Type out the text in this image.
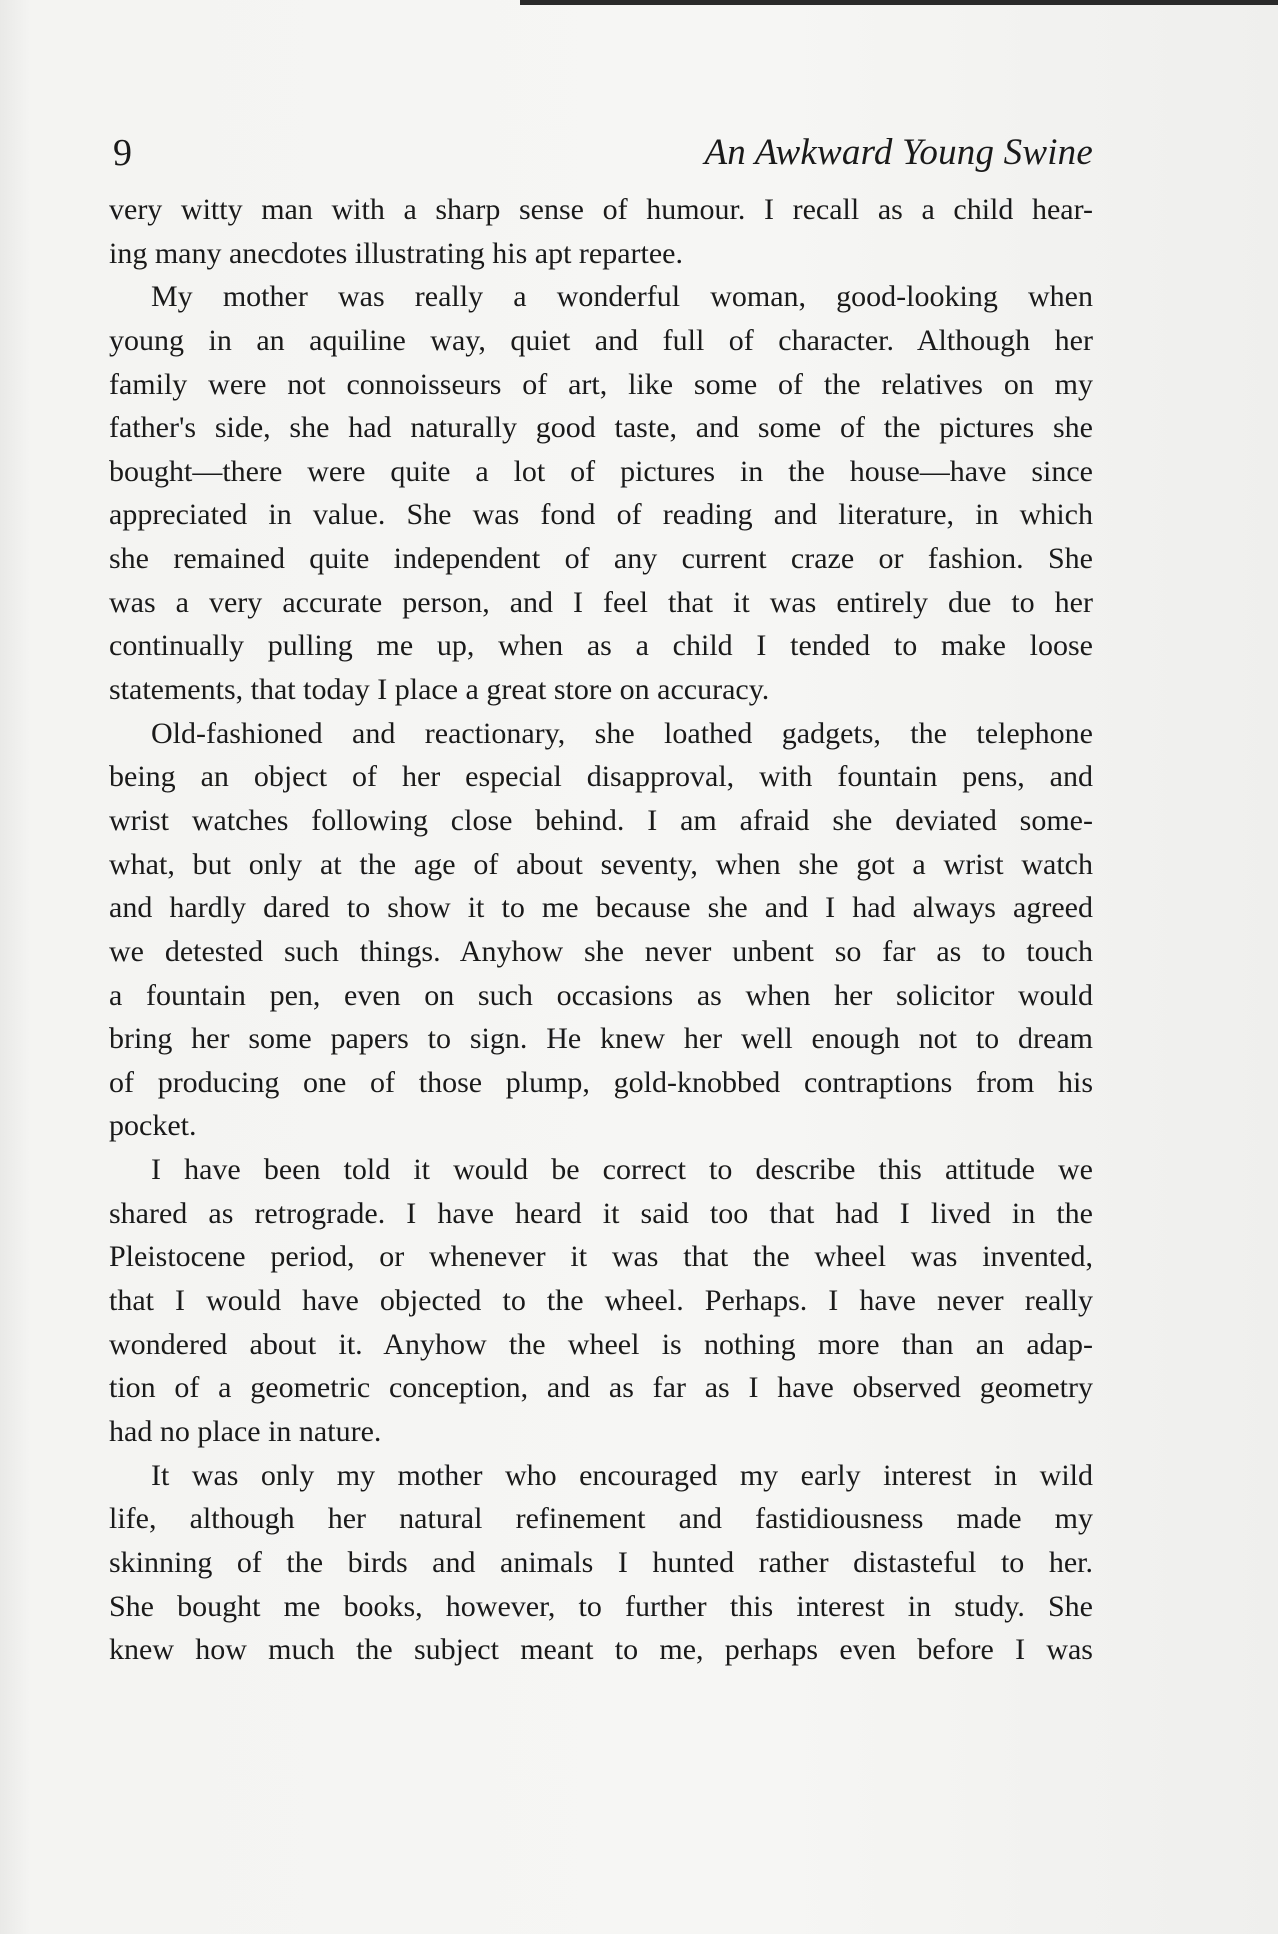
9	An Awkward Young Swine
very witty man with a sharp sense of humour. I recall as a child hear-
ing many anecdotes illustrating his apt repartee.
My mother was really a wonderful woman, good-looking when
young in an aquiline way, quiet and full of character. Although her
family were not connoisseurs of art, like some of the relatives on my
father's side, she had naturally good taste, and some of the pictures she
bought—there were quite a lot of pictures in the house—have since
appreciated in value. She was fond of reading and literature, in which
she remained quite independent of any current craze or fashion. She
was a very accurate person, and I feel that it was entirely due to her
continually pulling me up, when as a child I tended to make loose
statements, that today I place a great store on accuracy.
Old-fashioned and reactionary, she loathed gadgets, the telephone
being an object of her especial disapproval, with fountain pens, and
wrist watches following close behind. I am afraid she deviated some-
what, but only at the age of about seventy, when she got a wrist watch
and hardly dared to show it to me because she and I had always agreed
we detested such things. Anyhow she never unbent so far as to touch
a fountain pen, even on such occasions as when her solicitor would
bring her some papers to sign. He knew her well enough not to dream
of producing one of those plump, gold-knobbed contraptions from his
pocket.
I have been told it would be correct to describe this attitude we
shared as retrograde. I have heard it said too that had I lived in the
Pleistocene period, or whenever it was that the wheel was invented,
that I would have objected to the wheel. Perhaps. I have never really
wondered about it. Anyhow the wheel is nothing more than an adap-
tion of a geometric conception, and as far as I have observed geometry
had no place in nature.
It was only my mother who encouraged my early interest in wild
life, although her natural refinement and fastidiousness made my
skinning of the birds and animals I hunted rather distasteful to her.
She bought me books, however, to further this interest in study. She
knew how much the subject meant to me, perhaps even before I was
